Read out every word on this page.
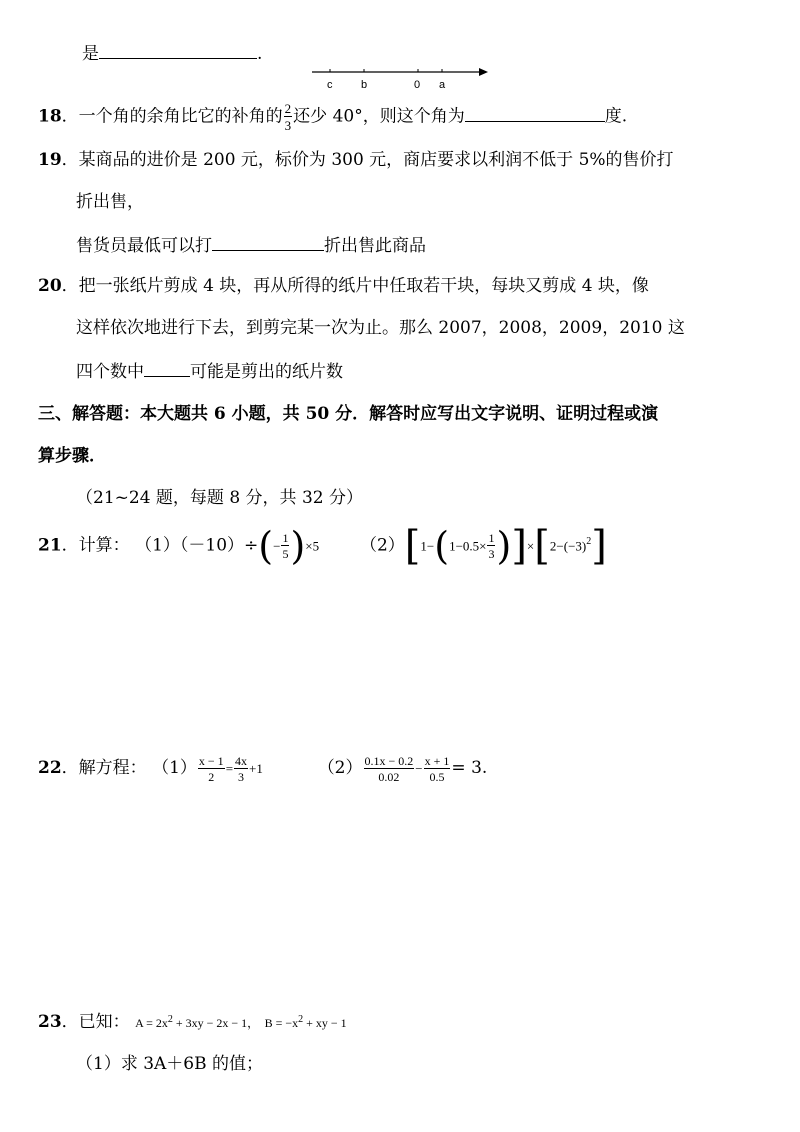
是	.
c	b	0 a
18．一个角的余角比它的补角的 $\frac{2}{3}$ 还少 40°，则这个角为	度.
19．某商品的进价是 200 元，标价为 300 元，商店要求以利润不低于 5%的售价打
折出售，
售货员最低可以打	折出售此商品
20．把一张纸片剪成 4 块，再从所得的纸片中任取若干块，每块又剪成 4 块，像
这样依次地进行下去，到剪完某一次为止。那么 2007，2008，2009，2010 这
四个数中	可能是剪出的纸片数
三、解答题：本大题共 6 小题，共 50 分．解答时应写出文字说明、证明过程或演
算步骤．
（21~24 题，每题 8 分，共 32 分）
21．计算： $(1)(-10)\div(- \frac{1}{5} )\times 5$ $(2)[1-(1-0.5\times \frac{1}{3} )]\times[2-(-3)^2]$
22．解方程： $(1) \frac{x - 1}{2} = \frac{4x}{3} +1$	$(2) \frac{0.1x - 0.2}{0.02} - \frac{x + 1}{0.5} = 3$.
23．已知： $A = 2x^2 + 3xy - 2x - 1$， $B = -x^2$ + xy − 1
（1）求 3A＋6B 的值；
